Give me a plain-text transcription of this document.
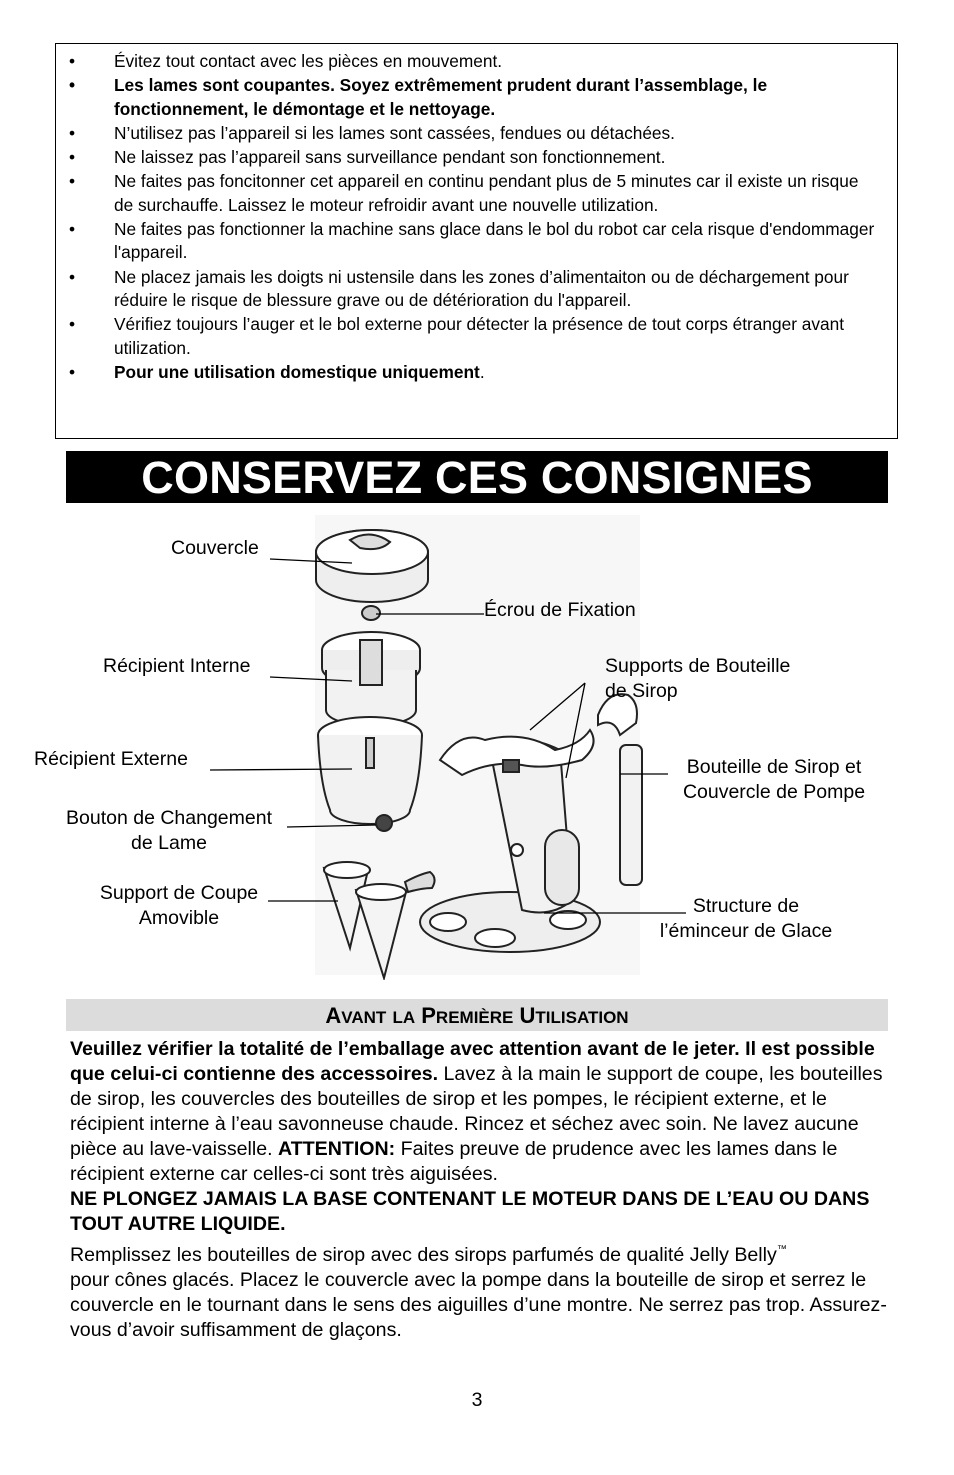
• Évitez tout contact avec les pièces en mouvement.
• Les lames sont coupantes. Soyez extrêmement prudent durant l’assemblage, le fonctionnement, le démontage et le nettoyage.
• N’utilisez pas l’appareil si les lames sont cassées, fendues ou détachées.
• Ne laissez pas l’appareil sans surveillance pendant son fonctionnement.
• Ne faites pas foncitonner cet appareil en continu pendant plus de 5 minutes car il existe un risque de surchauffe. Laissez le moteur refroidir avant une nouvelle utilization.
• Ne faites pas fonctionner la machine sans glace dans le bol du robot car cela risque d'endommager l'appareil.
• Ne placez jamais les doigts ni ustensile dans les zones d’alimentaiton ou de déchargement pour réduire le risque de blessure grave ou de détérioration du l'appareil.
• Vérifiez toujours l’auger et le bol externe pour détecter la présence de tout corps étranger avant utilization.
• Pour une utilisation domestique uniquement.
CONSERVEZ CES CONSIGNES
Couvercle
Écrou de Fixation
Récipient Interne	Supports de Bouteille
de Sirop
Récipient Externe	Bouteille de Sirop et
Couvercle de Pompe
Bouton de Changement
de Lame
Support de Coupe
Amovible
Structure de
l’éminceur de Glace
AVANT LA PREMIÈRE UTILISATION

Veuillez vérifier la totalité de l’emballage avec attention avant de le jeter. Il est possible que celui-ci contienne des accessoires. Lavez à la main le support de coupe, les bouteilles de sirop, les couvercles des bouteilles de sirop et les pompes, le récipient externe, et le récipient interne à l’eau savonneuse chaude. Rincez et séchez avec soin. Ne lavez aucune pièce au lave-vaisselle. ATTENTION: Faites preuve de prudence avec les lames dans le récipient externe car celles-ci sont très aiguisées.

NE PLONGEZ JAMAIS LA BASE CONTENANT LE MOTEUR DANS DE L’EAU OU DANS TOUT AUTRE LIQUIDE.

Remplissez les bouteilles de sirop avec des sirops parfumés de qualité Jelly Belly™
pour cônes glacés. Placez le couvercle avec la pompe dans la bouteille de sirop et serrez le couvercle en le tournant dans le sens des aiguilles d’une montre. Ne serrez pas trop. Assurez-vous d’avoir suffisamment de glaçons.

3
